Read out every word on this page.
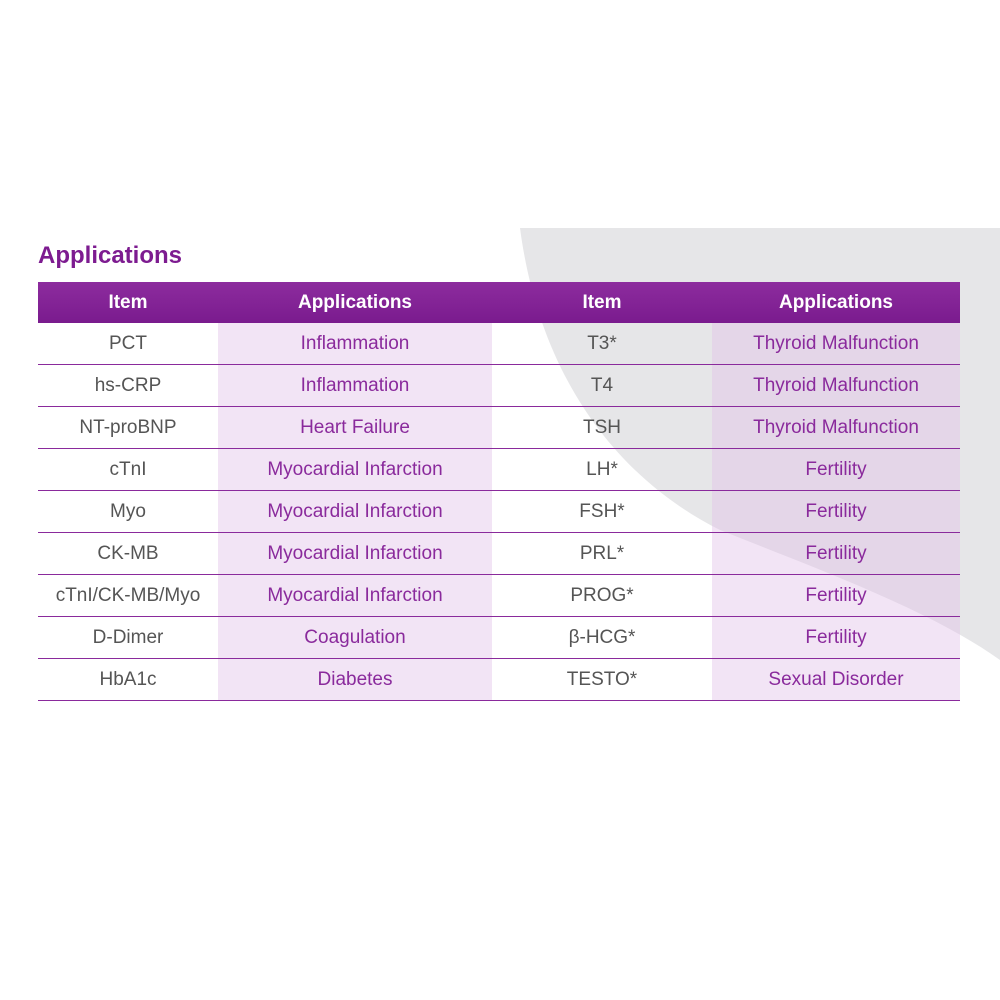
Applications
Item	Applications	Item	Applications
PCT	Inflammation	T3*	Thyroid Malfunction
hs-CRP	Inflammation	T4	Thyroid Malfunction
NT-proBNP	Heart Failure	TSH	Thyroid Malfunction
cTnI	Myocardial Infarction	LH*	Fertility
Myo	Myocardial Infarction	FSH*	Fertility
CK-MB	Myocardial Infarction	PRL*	Fertility
cTnI/CK-MB/Myo	Myocardial Infarction	PROG*	Fertility
D-Dimer	Coagulation	β-HCG*	Fertility
HbA1c	Diabetes	TESTO*	Sexual Disorder
